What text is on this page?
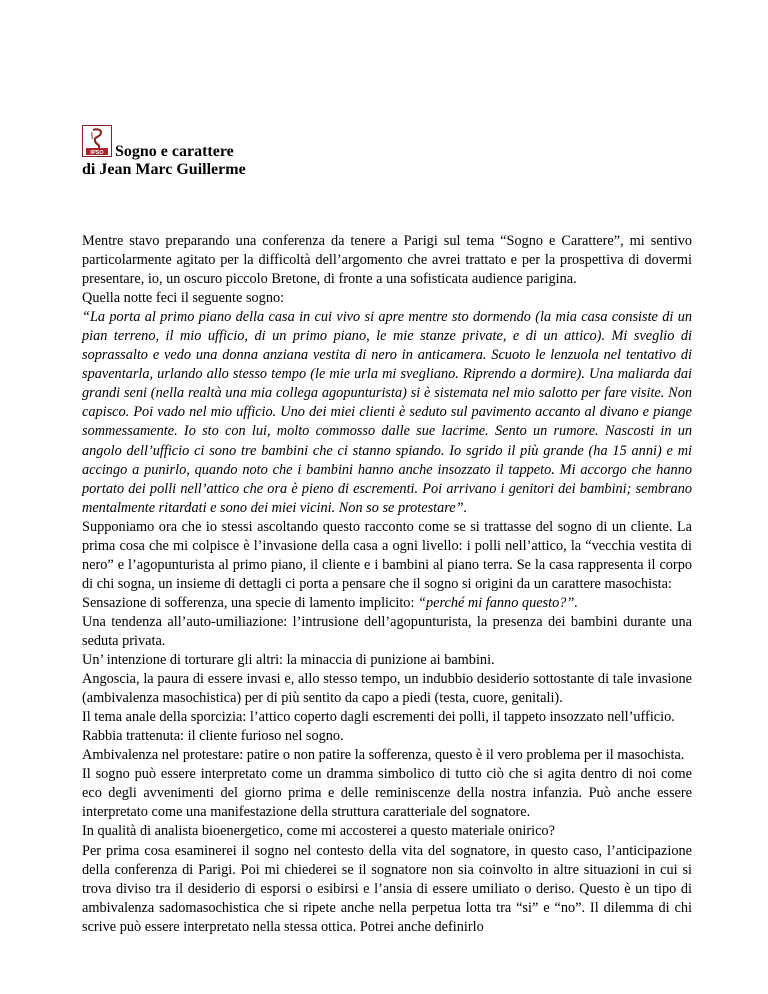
IPSO Sogno e carattere
di Jean Marc Guillerme

Mentre stavo preparando una conferenza da tenere a Parigi sul tema “Sogno e Carattere”, mi sentivo particolarmente agitato per la difficoltà dell’argomento che avrei trattato e per la prospettiva di dovermi presentare, io, un oscuro piccolo Bretone, di fronte a una sofisticata audience parigina.

Quella notte feci il seguente sogno:

“La porta al primo piano della casa in cui vivo si apre mentre sto dormendo (la mia casa consiste di un pian terreno, il mio ufficio, di un primo piano, le mie stanze private, e di un attico). Mi sveglio di soprassalto e vedo una donna anziana vestita di nero in anticamera. Scuoto le lenzuola nel tentativo di spaventarla, urlando allo stesso tempo (le mie urla mi svegliano. Riprendo a dormire). Una maliarda dai grandi seni (nella realtà una mia collega agopunturista) si è sistemata nel mio salotto per fare visite. Non capisco. Poi vado nel mio ufficio. Uno dei miei clienti è seduto sul pavimento accanto al divano e piange sommessamente. Io sto con lui, molto commosso dalle sue lacrime. Sento un rumore. Nascosti in un angolo dell’ufficio ci sono tre bambini che ci stanno spiando. Io sgrido il più grande (ha 15 anni) e mi accingo a punirlo, quando noto che i bambini hanno anche insozzato il tappeto. Mi accorgo che hanno portato dei polli nell’attico che ora è pieno di escrementi. Poi arrivano i genitori dei bambini; sembrano mentalmente ritardati e sono dei miei vicini. Non so se protestare”.

Supponiamo ora che io stessi ascoltando questo racconto come se si trattasse del sogno di un cliente. La prima cosa che mi colpisce è l’invasione della casa a ogni livello: i polli nell’attico, la “vecchia vestita di nero” e l’agopunturista al primo piano, il cliente e i bambini al piano terra. Se la casa rappresenta il corpo di chi sogna, un insieme di dettagli ci porta a pensare che il sogno si origini da un carattere masochista:

Sensazione di sofferenza, una specie di lamento implicito: “perché mi fanno questo?”.

Una tendenza all’auto-umiliazione: l’intrusione dell’agopunturista, la presenza dei bambini durante una seduta privata.

Un’ intenzione di torturare gli altri: la minaccia di punizione ai bambini.

Angoscia, la paura di essere invasi e, allo stesso tempo, un indubbio desiderio sottostante di tale invasione (ambivalenza masochistica) per di più sentito da capo a piedi (testa, cuore, genitali).

Il tema anale della sporcizia: l’attico coperto dagli escrementi dei polli, il tappeto insozzato nell’ufficio.

Rabbia trattenuta: il cliente furioso nel sogno.

Ambivalenza nel protestare: patire o non patire la sofferenza, questo è il vero problema per il masochista.

Il sogno può essere interpretato come un dramma simbolico di tutto ciò che si agita dentro di noi come eco degli avvenimenti del giorno prima e delle reminiscenze della nostra infanzia. Può anche essere interpretato come una manifestazione della struttura caratteriale del sognatore.

In qualità di analista bioenergetico, come mi accosterei a questo materiale onirico?

Per prima cosa esaminerei il sogno nel contesto della vita del sognatore, in questo caso, l’anticipazione della conferenza di Parigi. Poi mi chiederei se il sognatore non sia coinvolto in altre situazioni in cui si trova diviso tra il desiderio di esporsi o esibirsi e l’ansia di essere umiliato o deriso. Questo è un tipo di ambivalenza sadomasochistica che si ripete anche nella perpetua lotta tra “si” e “no”. Il dilemma di chi scrive può essere interpretato nella stessa ottica. Potrei anche definirlo
